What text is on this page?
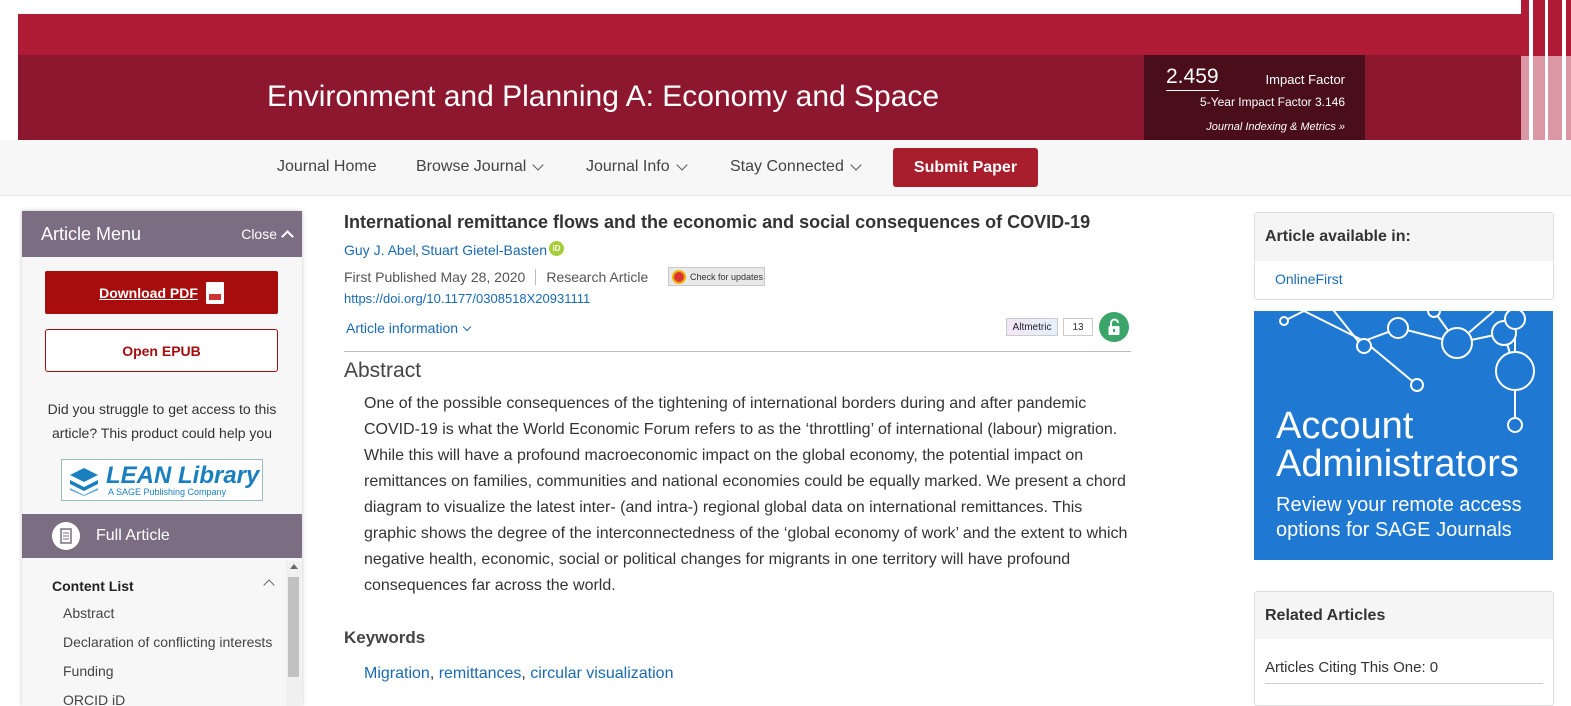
Environment and Planning A: Economy and Space
2.459	Impact Factor
5-Year Impact Factor 3.146
Journal Indexing & Metrics »
Journal Home Browse Journal	Journal Info	Stay Connected	Submit Paper
Article Menu	Close
Download PDF
Open EPUB
Did you struggle to get access to this article? This product could help you
LEAN Library
A SAGE Publishing Company
Full Article
Content List
Abstract
Declaration of conflicting interests
Funding
ORCID iD
International remittance flows and the economic and social consequences of COVID-19
Guy J. Abel , Stuart Gietel-Basten iD
First Published May 28, 2020 Research Article	Check for updates
https://doi.org/10.1177/0308518X20931111
Article information	Altmetric	13
Abstract
One of the possible consequences of the tightening of international borders during and after pandemic COVID-19 is what the World Economic Forum refers to as the ‘throttling’ of international (labour) migration. While this will have a profound macroeconomic impact on the global economy, the potential impact on remittances on families, communities and national economies could be equally marked. We present a chord diagram to visualize the latest inter- (and intra-) regional global data on international remittances. This graphic shows the degree of the interconnectedness of the ‘global economy of work’ and the extent to which negative health, economic, social or political changes for migrants in one territory will have profound consequences far across the world.
Keywords
Migration, remittances, circular visualization
Article available in:
OnlineFirst
Account
Administrators
Review your remote access options for SAGE Journals
Related Articles
Articles Citing This One: 0
